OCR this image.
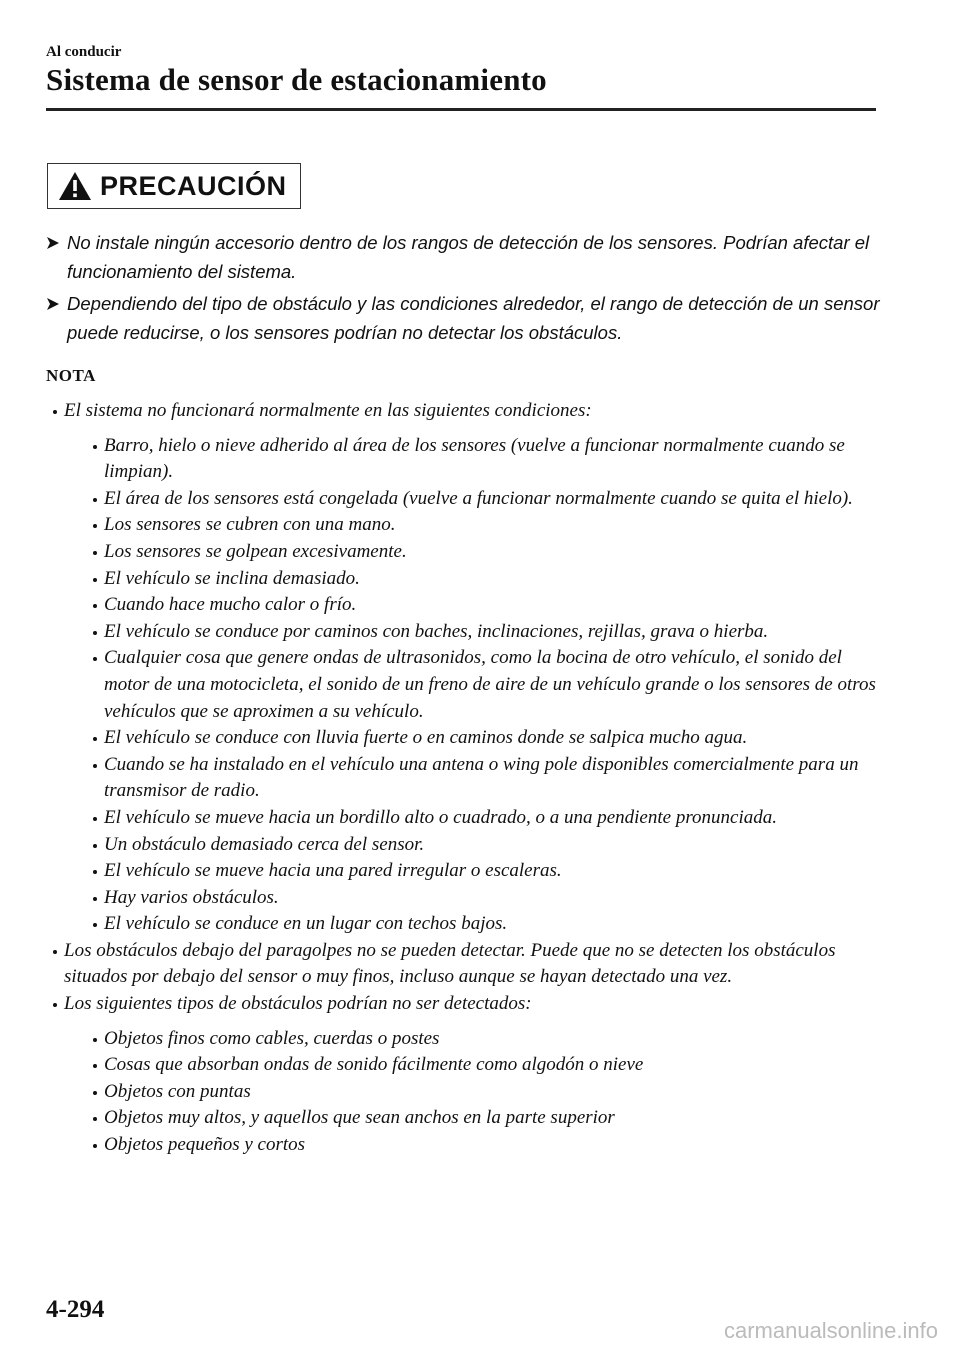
Al conducir
Sistema de sensor de estacionamiento
PRECAUCIÓN
No instale ningún accesorio dentro de los rangos de detección de los sensores. Podrían afectar el funcionamiento del sistema.
Dependiendo del tipo de obstáculo y las condiciones alrededor, el rango de detección de un sensor puede reducirse, o los sensores podrían no detectar los obstáculos.
NOTA
El sistema no funcionará normalmente en las siguientes condiciones:
Barro, hielo o nieve adherido al área de los sensores (vuelve a funcionar normalmente cuando se limpian).
El área de los sensores está congelada (vuelve a funcionar normalmente cuando se quita el hielo).
Los sensores se cubren con una mano.
Los sensores se golpean excesivamente.
El vehículo se inclina demasiado.
Cuando hace mucho calor o frío.
El vehículo se conduce por caminos con baches, inclinaciones, rejillas, grava o hierba.
Cualquier cosa que genere ondas de ultrasonidos, como la bocina de otro vehículo, el sonido del motor de una motocicleta, el sonido de un freno de aire de un vehículo grande o los sensores de otros vehículos que se aproximen a su vehículo.
El vehículo se conduce con lluvia fuerte o en caminos donde se salpica mucho agua.
Cuando se ha instalado en el vehículo una antena o wing pole disponibles comercialmente para un transmisor de radio.
El vehículo se mueve hacia un bordillo alto o cuadrado, o a una pendiente pronunciada.
Un obstáculo demasiado cerca del sensor.
El vehículo se mueve hacia una pared irregular o escaleras.
Hay varios obstáculos.
El vehículo se conduce en un lugar con techos bajos.
Los obstáculos debajo del paragolpes no se pueden detectar. Puede que no se detecten los obstáculos situados por debajo del sensor o muy finos, incluso aunque se hayan detectado una vez.
Los siguientes tipos de obstáculos podrían no ser detectados:
Objetos finos como cables, cuerdas o postes
Cosas que absorban ondas de sonido fácilmente como algodón o nieve
Objetos con puntas
Objetos muy altos, y aquellos que sean anchos en la parte superior
Objetos pequeños y cortos
4-294
carmanualsonline.info
